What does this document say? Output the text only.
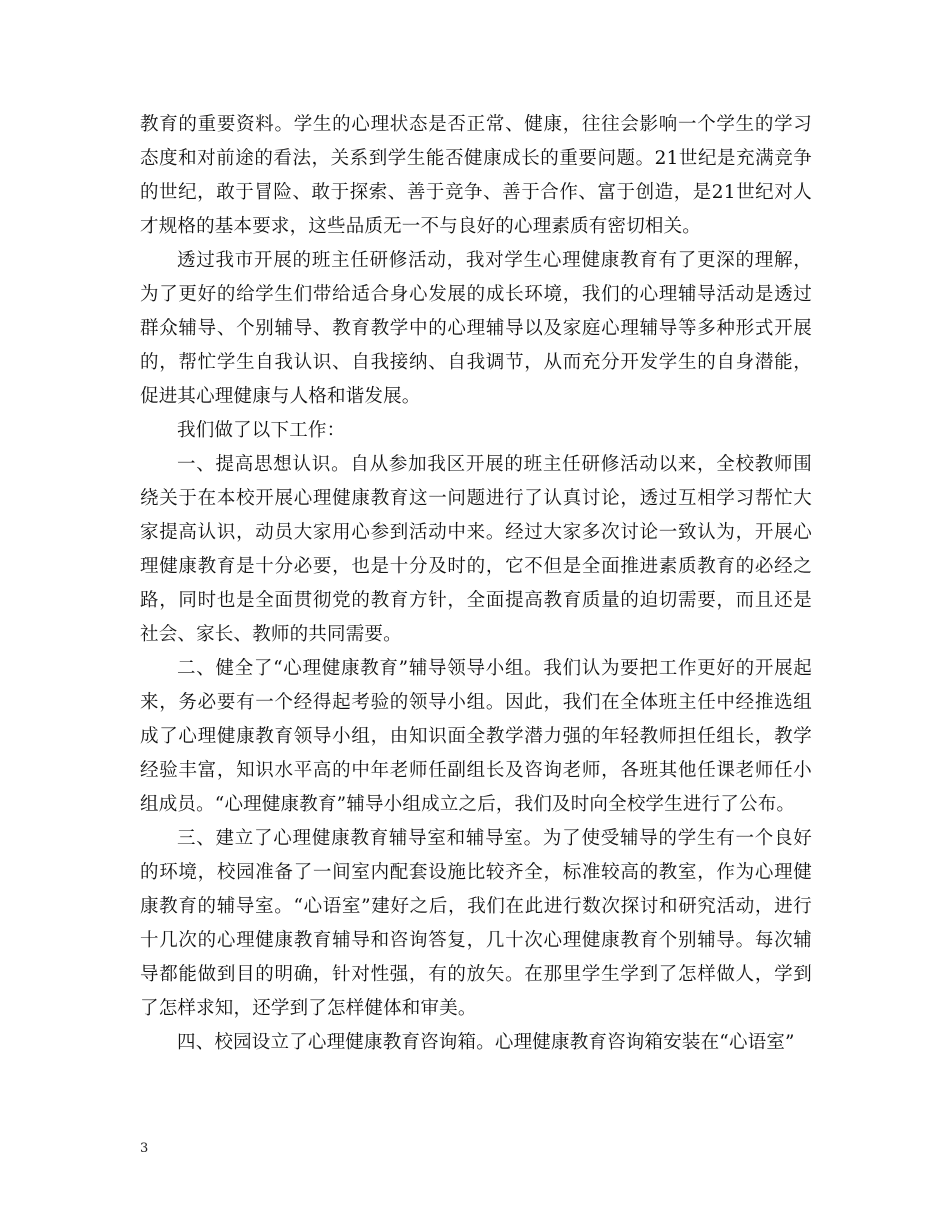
教育的重要资料。学生的心理状态是否正常、健康，往往会影响一个学生的学习态度和对前途的看法，关系到学生能否健康成长的重要问题。21世纪是充满竞争的世纪，敢于冒险、敢于探索、善于竞争、善于合作、富于创造，是21世纪对人才规格的基本要求，这些品质无一不与良好的心理素质有密切相关。

透过我市开展的班主任研修活动，我对学生心理健康教育有了更深的理解，为了更好的给学生们带给适合身心发展的成长环境，我们的心理辅导活动是透过群众辅导、个别辅导、教育教学中的心理辅导以及家庭心理辅导等多种形式开展的，帮忙学生自我认识、自我接纳、自我调节，从而充分开发学生的自身潜能，促进其心理健康与人格和谐发展。

我们做了以下工作：

一、提高思想认识。自从参加我区开展的班主任研修活动以来，全校教师围绕关于在本校开展心理健康教育这一问题进行了认真讨论，透过互相学习帮忙大家提高认识，动员大家用心参到活动中来。经过大家多次讨论一致认为，开展心理健康教育是十分必要，也是十分及时的，它不但是全面推进素质教育的必经之路，同时也是全面贯彻党的教育方针，全面提高教育质量的迫切需要，而且还是社会、家长、教师的共同需要。

二、健全了“心理健康教育”辅导领导小组。我们认为要把工作更好的开展起来，务必要有一个经得起考验的领导小组。因此，我们在全体班主任中经推选组成了心理健康教育领导小组，由知识面全教学潜力强的年轻教师担任组长，教学经验丰富，知识水平高的中年老师任副组长及咨询老师，各班其他任课老师任小组成员。“心理健康教育”辅导小组成立之后，我们及时向全校学生进行了公布。

三、建立了心理健康教育辅导室和辅导室。为了使受辅导的学生有一个良好的环境，校园准备了一间室内配套设施比较齐全，标准较高的教室，作为心理健康教育的辅导室。“心语室”建好之后，我们在此进行数次探讨和研究活动，进行十几次的心理健康教育辅导和咨询答复，几十次心理健康教育个别辅导。每次辅导都能做到目的明确，针对性强，有的放矢。在那里学生学到了怎样做人，学到了怎样求知，还学到了怎样健体和审美。

四、校园设立了心理健康教育咨询箱。心理健康教育咨询箱安装在“心语室”

3
